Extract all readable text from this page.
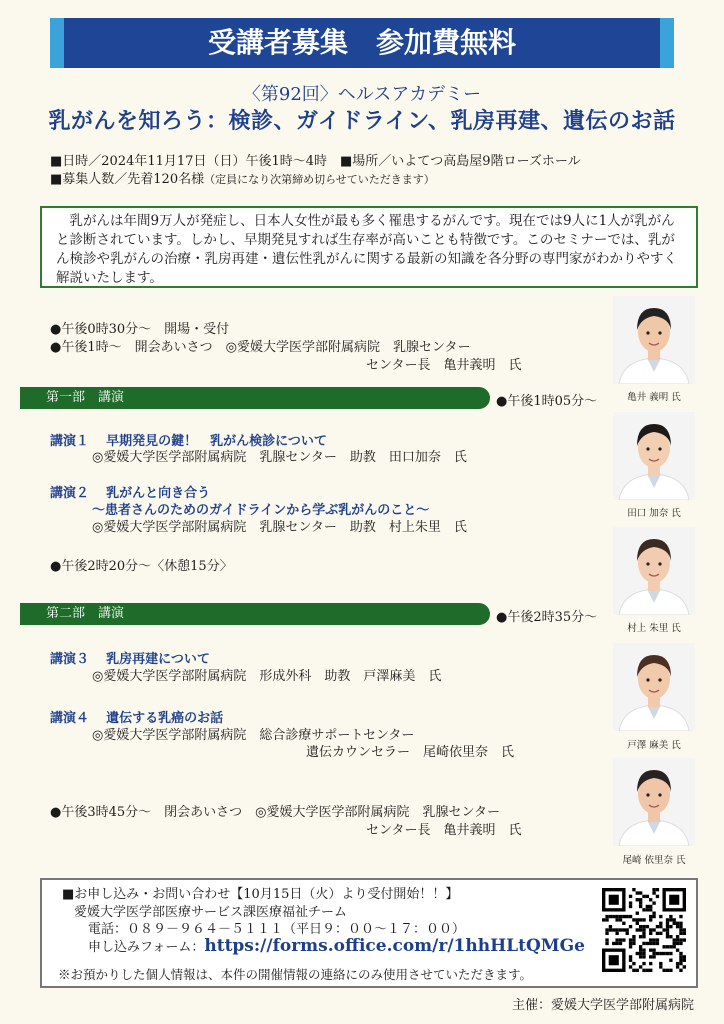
受講者募集　参加費無料
〈第92回〉ヘルスアカデミー
乳がんを知ろう：検診、ガイドライン、乳房再建、遺伝のお話
■日時／2024年11月17日（日）午後1時～4時　■場所／いよてつ高島屋9階ローズホール
■募集人数／先着120名様（定員になり次第締め切らせていただきます）
乳がんは年間9万人が発症し、日本人女性が最も多く罹患するがんです。現在では9人に1人が乳がんと診断されています。しかし、早期発見すれば生存率が高いことも特徴です。このセミナーでは、乳がん検診や乳がんの治療・乳房再建・遺伝性乳がんに関する最新の知識を各分野の専門家がわかりやすく解説いたします。
●午後0時30分～　開場・受付
●午後1時～　開会あいさつ　◎愛媛大学医学部附属病院　乳腺センター
センター長　亀井義明　氏
第一部　講演	●午後1時05分～
講演１ 早期発見の鍵！　乳がん検診について
◎愛媛大学医学部附属病院　乳腺センター　助教　田口加奈　氏
講演２ 乳がんと向き合う
～患者さんのためのガイドラインから学ぶ乳がんのこと～
◎愛媛大学医学部附属病院　乳腺センター　助教　村上朱里　氏
●午後2時20分～〈休憩15分〉
第二部　講演	●午後2時35分～
講演３ 乳房再建について
◎愛媛大学医学部附属病院　形成外科　助教　戸澤麻美　氏
講演４ 遺伝する乳癌のお話
◎愛媛大学医学部附属病院　総合診療サポートセンター
遺伝カウンセラー　尾崎依里奈　氏
●午後3時45分～　閉会あいさつ　◎愛媛大学医学部附属病院　乳腺センター
センター長　亀井義明　氏
亀井 義明 氏
田口 加奈 氏
村上 朱里 氏
戸澤 麻美 氏
尾崎 依里奈 氏
■お申し込み・お問い合わせ【10月15日（火）より受付開始！！】
愛媛大学医学部医療サービス課医療福祉チーム
電話：０８９－９６４－５１１１（平日９：００～１７：００）
申し込みフォーム：https://forms.office.com/r/1hhHLtQMGe
※お預かりした個人情報は、本件の開催情報の連絡にのみ使用させていただきます。
主催：愛媛大学医学部附属病院
